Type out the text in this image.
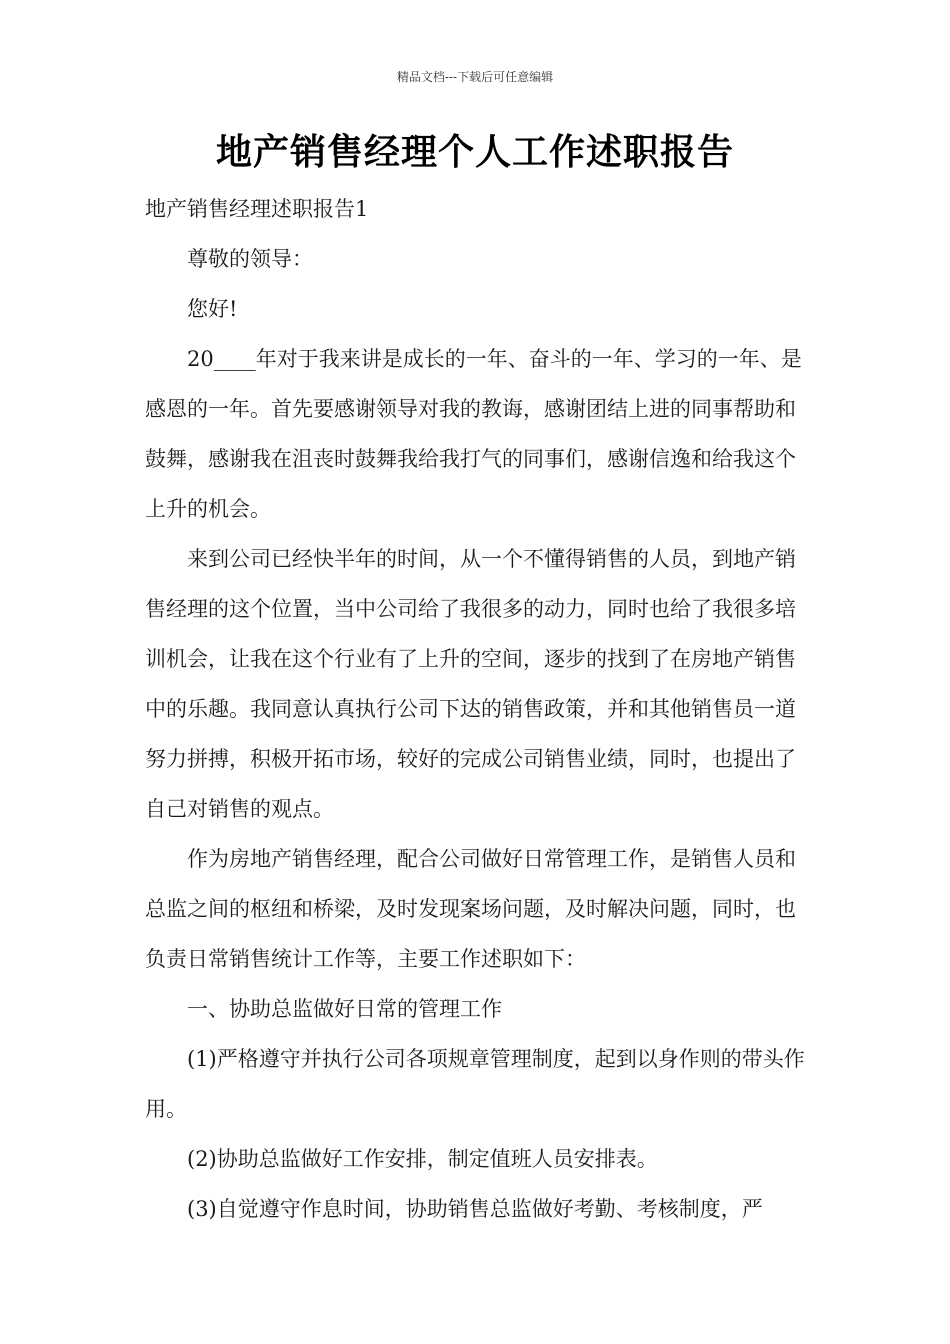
精品文档---下载后可任意编辑
地产销售经理个人工作述职报告

地产销售经理述职报告1

尊敬的领导：

您好!

20____年对于我来讲是成长的一年、奋斗的一年、学习的一年、是感恩的一年。首先要感谢领导对我的教诲，感谢团结上进的同事帮助和鼓舞，感谢我在沮丧时鼓舞我给我打气的同事们，感谢信逸和给我这个上升的机会。

来到公司已经快半年的时间，从一个不懂得销售的人员，到地产销售经理的这个位置，当中公司给了我很多的动力，同时也给了我很多培训机会，让我在这个行业有了上升的空间，逐步的找到了在房地产销售中的乐趣。我同意认真执行公司下达的销售政策，并和其他销售员一道努力拼搏，积极开拓市场，较好的完成公司销售业绩，同时，也提出了自己对销售的观点。

作为房地产销售经理，配合公司做好日常管理工作，是销售人员和总监之间的枢纽和桥梁，及时发现案场问题，及时解决问题，同时，也负责日常销售统计工作等，主要工作述职如下：

一、协助总监做好日常的管理工作

(1)严格遵守并执行公司各项规章管理制度，起到以身作则的带头作用。

(2)协助总监做好工作安排，制定值班人员安排表。

(3)自觉遵守作息时间，协助销售总监做好考勤、考核制度，严
